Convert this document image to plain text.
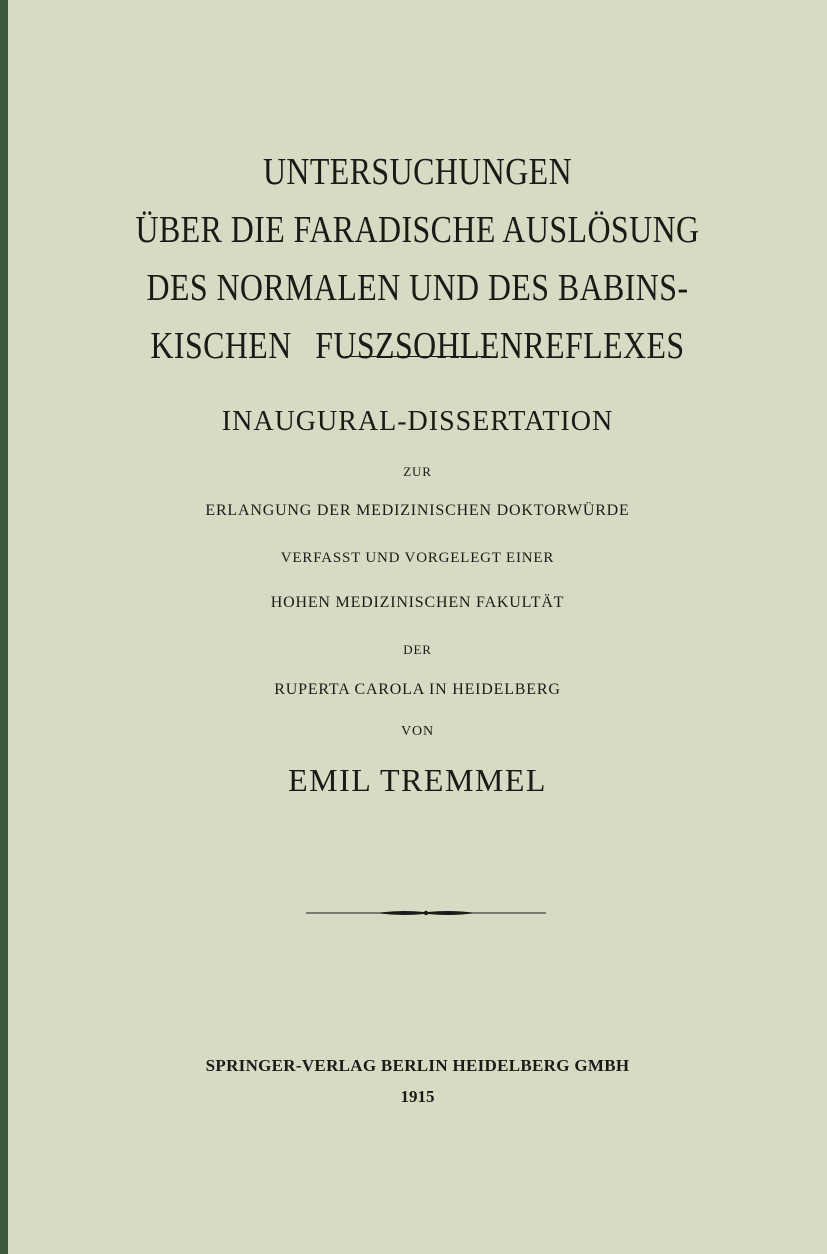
UNTERSUCHUNGEN
ÜBER DIE FARADISCHE AUSLÖSUNG
DES NORMALEN UND DES BABINS-
KISCHEN FUSZSOHLENREFLEXES
INAUGURAL-DISSERTATION
ZUR
ERLANGUNG DER MEDIZINISCHEN DOKTORWÜRDE
VERFASST UND VORGELEGT EINER
HOHEN MEDIZINISCHEN FAKULTÄT
DER
RUPERTA CAROLA IN HEIDELBERG
VON
EMIL TREMMEL
SPRINGER-VERLAG BERLIN HEIDELBERG GMBH
1915
